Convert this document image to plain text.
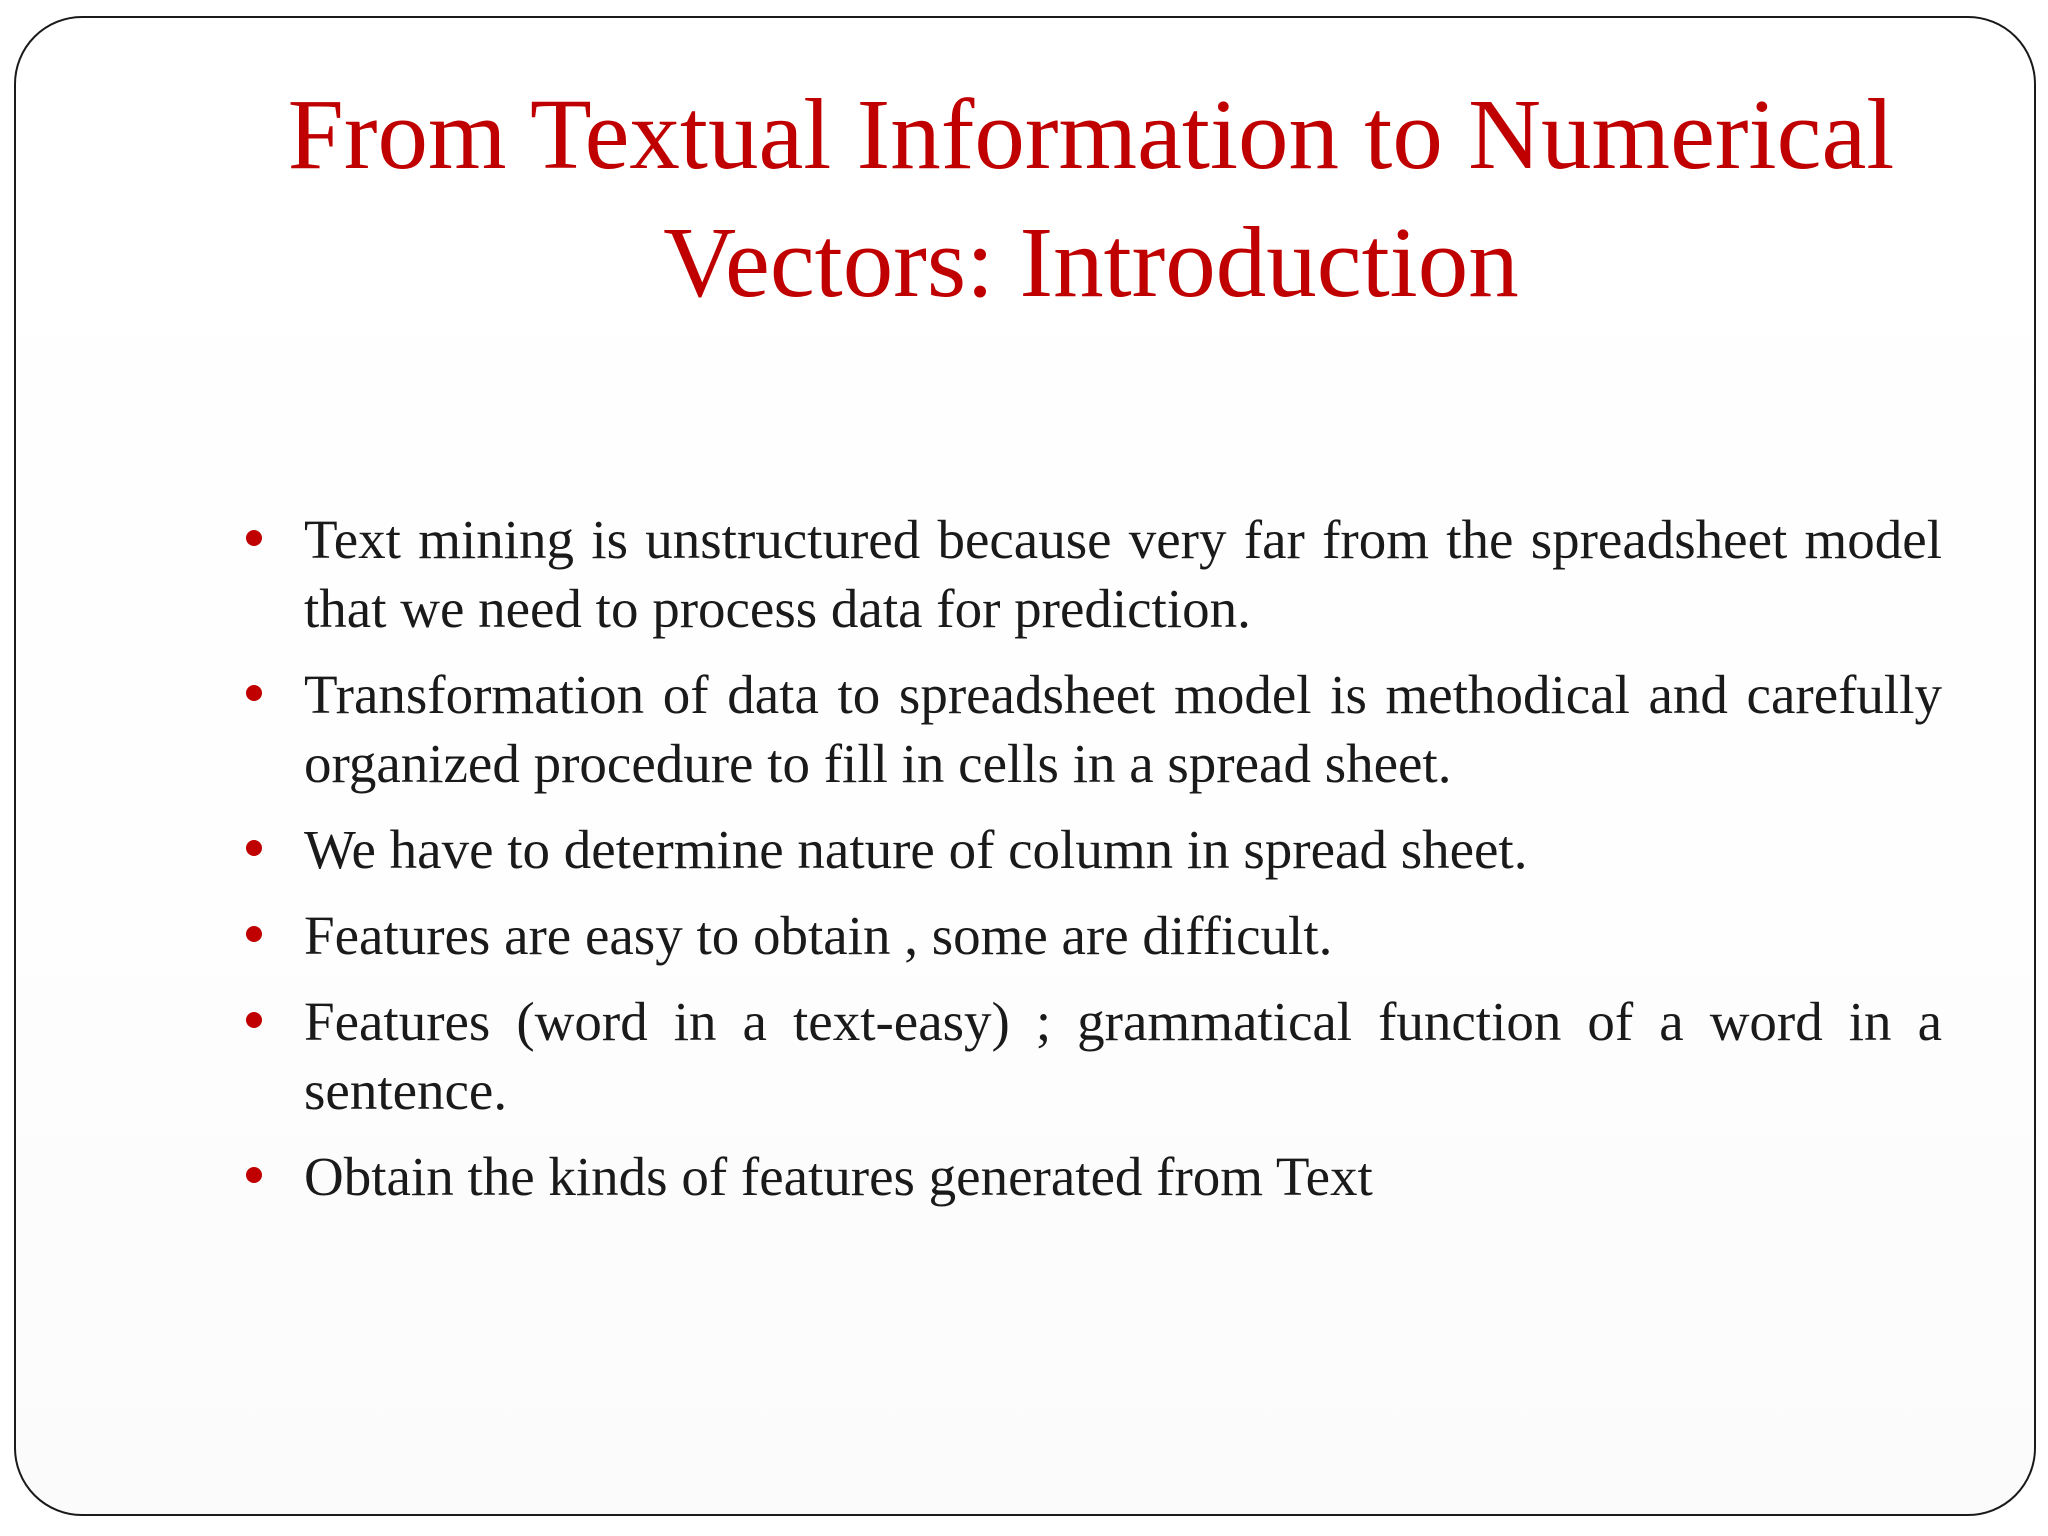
From Textual Information to Numerical
Vectors: Introduction
Text mining is unstructured because very far from the spreadsheet model that we need to process data for prediction.
Transformation of data to spreadsheet model is methodical and carefully organized procedure to fill in cells in a spread sheet.
We have to determine nature of column in spread sheet.
Features are easy to obtain , some are difficult.
Features (word in a text-easy) ; grammatical function of a word in a sentence.
Obtain the kinds of features generated from Text
